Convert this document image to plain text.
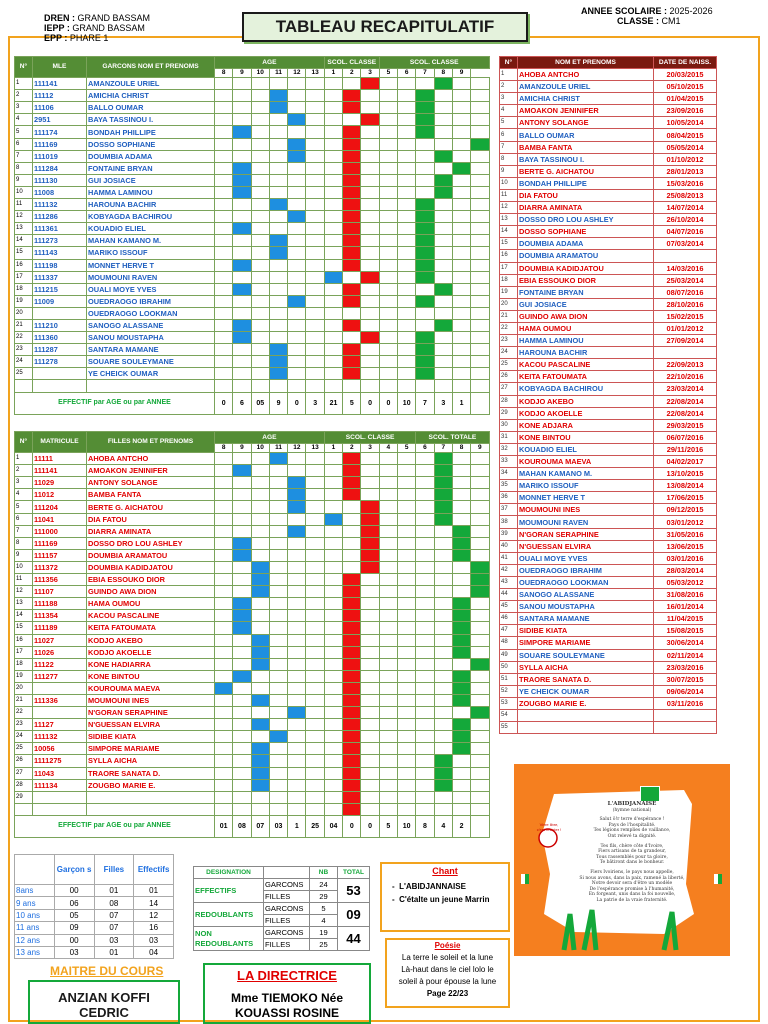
DREN : GRAND BASSAM
IEPP : GRAND BASSAM
EPP : PHARE 1
TABLEAU RECAPITULATIF
ANNEE SCOLAIRE : 2025-2026
CLASSE : CM1
N°	MLE	GARCONS NOM ET PRENOMS	AGE						SCOL. CLASSE			SCOL. CLASSE					
			8	9	10	11	12	13	1	2	3	5	6	7	8	9	
1	111141	AMANZOULE URIEL															
2	11112	AMICHIA CHRIST															
3	11106	BALLO OUMAR															
4	2951	BAYA TASSINOU I.															
5	111174	BONDAH PHILLIPE															
6	111169	DOSSO SOPHIANE															
7	111019	DOUMBIA ADAMA															
8	111284	FONTAINE BRYAN															
9	111130	GUI JOSIACE															
10	11008	HAMMA LAMINOU															
11	111132	HAROUNA BACHIR															
12	111286	KOBYAGDA BACHIROU															
13	111361	KOUADIO ELIEL															
14	111273	MAHAN KAMANO M.															
15	111143	MARIKO ISSOUF															
16	111198	MONNET HERVE T															
17	111337	MOUMOUNI RAVEN															
18	111215	OUALI MOYE YVES															
19	11009	OUEDRAOGO IBRAHIM															
20		OUEDRAOGO LOOKMAN															
21	111210	SANOGO ALASSANE															
22	111360	SANOU MOUSTAPHA															
23	111287	SANTARA MAMANE															
24	111278	SOUARE SOULEYMANE															
25		YE CHEICK OUMAR															

EFFECTIF par AGE ou par ANNEE			0	6	05	9	0	3	21	5	0	0	10	7	3	1	
N°	MATRICULE	FILLES NOM ET PRENOMS	AGE						SCOL. CLASSE					SCOL. TOTALE			
			8	9	10	11	12	13	1	2	3	4	5	6	7	8	9
1	11111	AHOBA ANTCHO															
2	111141	AMOAKON JENINIFER															
3	11029	ANTONY SOLANGE															
4	11012	BAMBA FANTA															
5	111204	BERTE G. AICHATOU															
6	11041	DIA FATOU															
7	111000	DIARRA AMINATA															
8	111169	DOSSO DRO LOU ASHLEY															
9	111157	DOUMBIA ARAMATOU															
10	111372	DOUMBIA KADIDJATOU															
11	111356	EBIA ESSOUKO DIOR															
12	11107	GUINDO AWA DION															
13	111188	HAMA OUMOU															
14	111354	KACOU PASCALINE															
15	111189	KEITA FATOUMATA															
16	11027	KODJO AKEBO															
17	11026	KODJO AKOELLE															
18	11122	KONE HADIARRA															
19	111277	KONE BINTOU															
20		KOUROUMA MAEVA															
21	111336	MOUMOUNI INES															
22		N'GORAN SERAPHINE															
23	11127	N'GUESSAN ELVIRA															
24	111132	SIDIBE KIATA															
25	10056	SIMPORE MARIAME															
26	1111275	SYLLA AICHA															
27	11043	TRAORE SANATA D.															
28	111134	ZOUGBO MARIE E.															
29																	

EFFECTIF par AGE ou par ANNEE			01	08	07	03	1	25	04	0	0	5	10	8	4	2	
N°	NOM ET PRENOMS	DATE DE NAISS.
1	AHOBA ANTCHO	20/03/2015
2	AMANZOULE URIEL	05/10/2015
3	AMICHIA CHRIST	01/04/2015
4	AMOAKON JENINIFER	23/09/2016
5	ANTONY SOLANGE	10/05/2014
6	BALLO OUMAR	08/04/2015
7	BAMBA FANTA	05/05/2014
8	BAYA TASSINOU I.	01/10/2012
9	BERTE G. AICHATOU	28/01/2013
10	BONDAH PHILLIPE	15/03/2016
11	DIA FATOU	25/08/2013
12	DIARRA AMINATA	14/07/2014
13	DOSSO DRO LOU ASHLEY	26/10/2014
14	DOSSO SOPHIANE	04/07/2016
15	DOUMBIA ADAMA	07/03/2014
16	DOUMBIA ARAMATOU	
17	DOUMBIA KADIDJATOU	14/03/2016
18	EBIA ESSOUKO DIOR	25/03/2014
19	FONTAINE BRYAN	08/07/2016
20	GUI JOSIACE	28/10/2016
21	GUINDO AWA DION	15/02/2015
22	HAMA OUMOU	01/01/2012
23	HAMMA LAMINOU	27/09/2014
24	HAROUNA BACHIR	
25	KACOU PASCALINE	22/09/2013
26	KEITA FATOUMATA	22/10/2016
27	KOBYAGDA BACHIROU	23/03/2014
28	KODJO AKEBO	22/08/2014
29	KODJO AKOELLE	22/08/2014
30	KONE ADJARA	29/03/2015
31	KONE BINTOU	06/07/2016
32	KOUADIO ELIEL	29/11/2016
33	KOUROUMA MAEVA	04/02/2017
34	MAHAN KAMANO M.	13/10/2015
35	MARIKO ISSOUF	13/08/2014
36	MONNET HERVE T	17/06/2015
37	MOUMOUNI INES	09/12/2015
38	MOUMOUNI RAVEN	03/01/2012
39	N'GORAN SERAPHINE	31/05/2016
40	N'GUESSAN ELVIRA	13/06/2015
41	OUALI MOYE YVES	03/01/2016
42	OUEDRAOGO IBRAHIM	28/03/2014
43	OUEDRAOGO LOOKMAN	05/03/2012
44	SANOGO ALASSANE	31/08/2016
45	SANOU MOUSTAPHA	16/01/2014
46	SANTARA MAMANE	11/04/2015
47	SIDIBE KIATA	15/08/2015
48	SIMPORE MARIAME	30/06/2014
49	SOUARE SOULEYMANE	02/11/2014
50	SYLLA AICHA	23/03/2016
51	TRAORE SANATA D.	30/07/2015
52	YE CHEICK OUMAR	09/06/2014
53	ZOUGBO MARIE E.	03/11/2016
54		
55		
	Garçon s	Filles	Effectifs
8ans	00	01	01
9 ans	06	08	14
10 ans	05	07	12
11 ans	09	07	16
12 ans	00	03	03
13 ans	03	01	04
DESIGNATION		NB	TOTAL
EFFECTIFS	GARCONS	24	53
	FILLES	29	
REDOUBLANTS	GARCONS	5	09
	FILLES	4	
NON REDOUBLANTS	GARCONS	19	44
	FILLES	25	
Chant
-  L'ABIDJANNAISE
-  C'étalte un jeune Marrin
Poésie
La terre le soleil et la lune
Là-haut dans le ciel lolo le
soleil à pour épouse la lune
Page 22/23
MAITRE DU COURS
ANZIAN KOFFI CEDRIC
LA DIRECTRICE
Mme TIEMOKO Née KOUASSI ROSINE
Vivre libre, c'est résister !
L'ABIDJANAISE
(hymne national)
Salut ô!r terre d'espérance !
Pays de l'hospitalité.
Tes légions remplies de vaillance,
Ont relevé ta dignité.
Tes fils, chère côte d'Ivoire,
Fiers artisans de ta grandeur,
Tous rassemblés pour ta gloire,
Te bâtiront dans le bonheur.
Fiers Ivoiriens, le pays nous appelle,
Si nous avons, dans la paix, ramené la liberté,
Notre devoir sera d'être un modèle
De l'espérance promise à l'humanité,
En forgeant, unis dans la foi nouvelle,
La patrie de la vraie fraternité.
